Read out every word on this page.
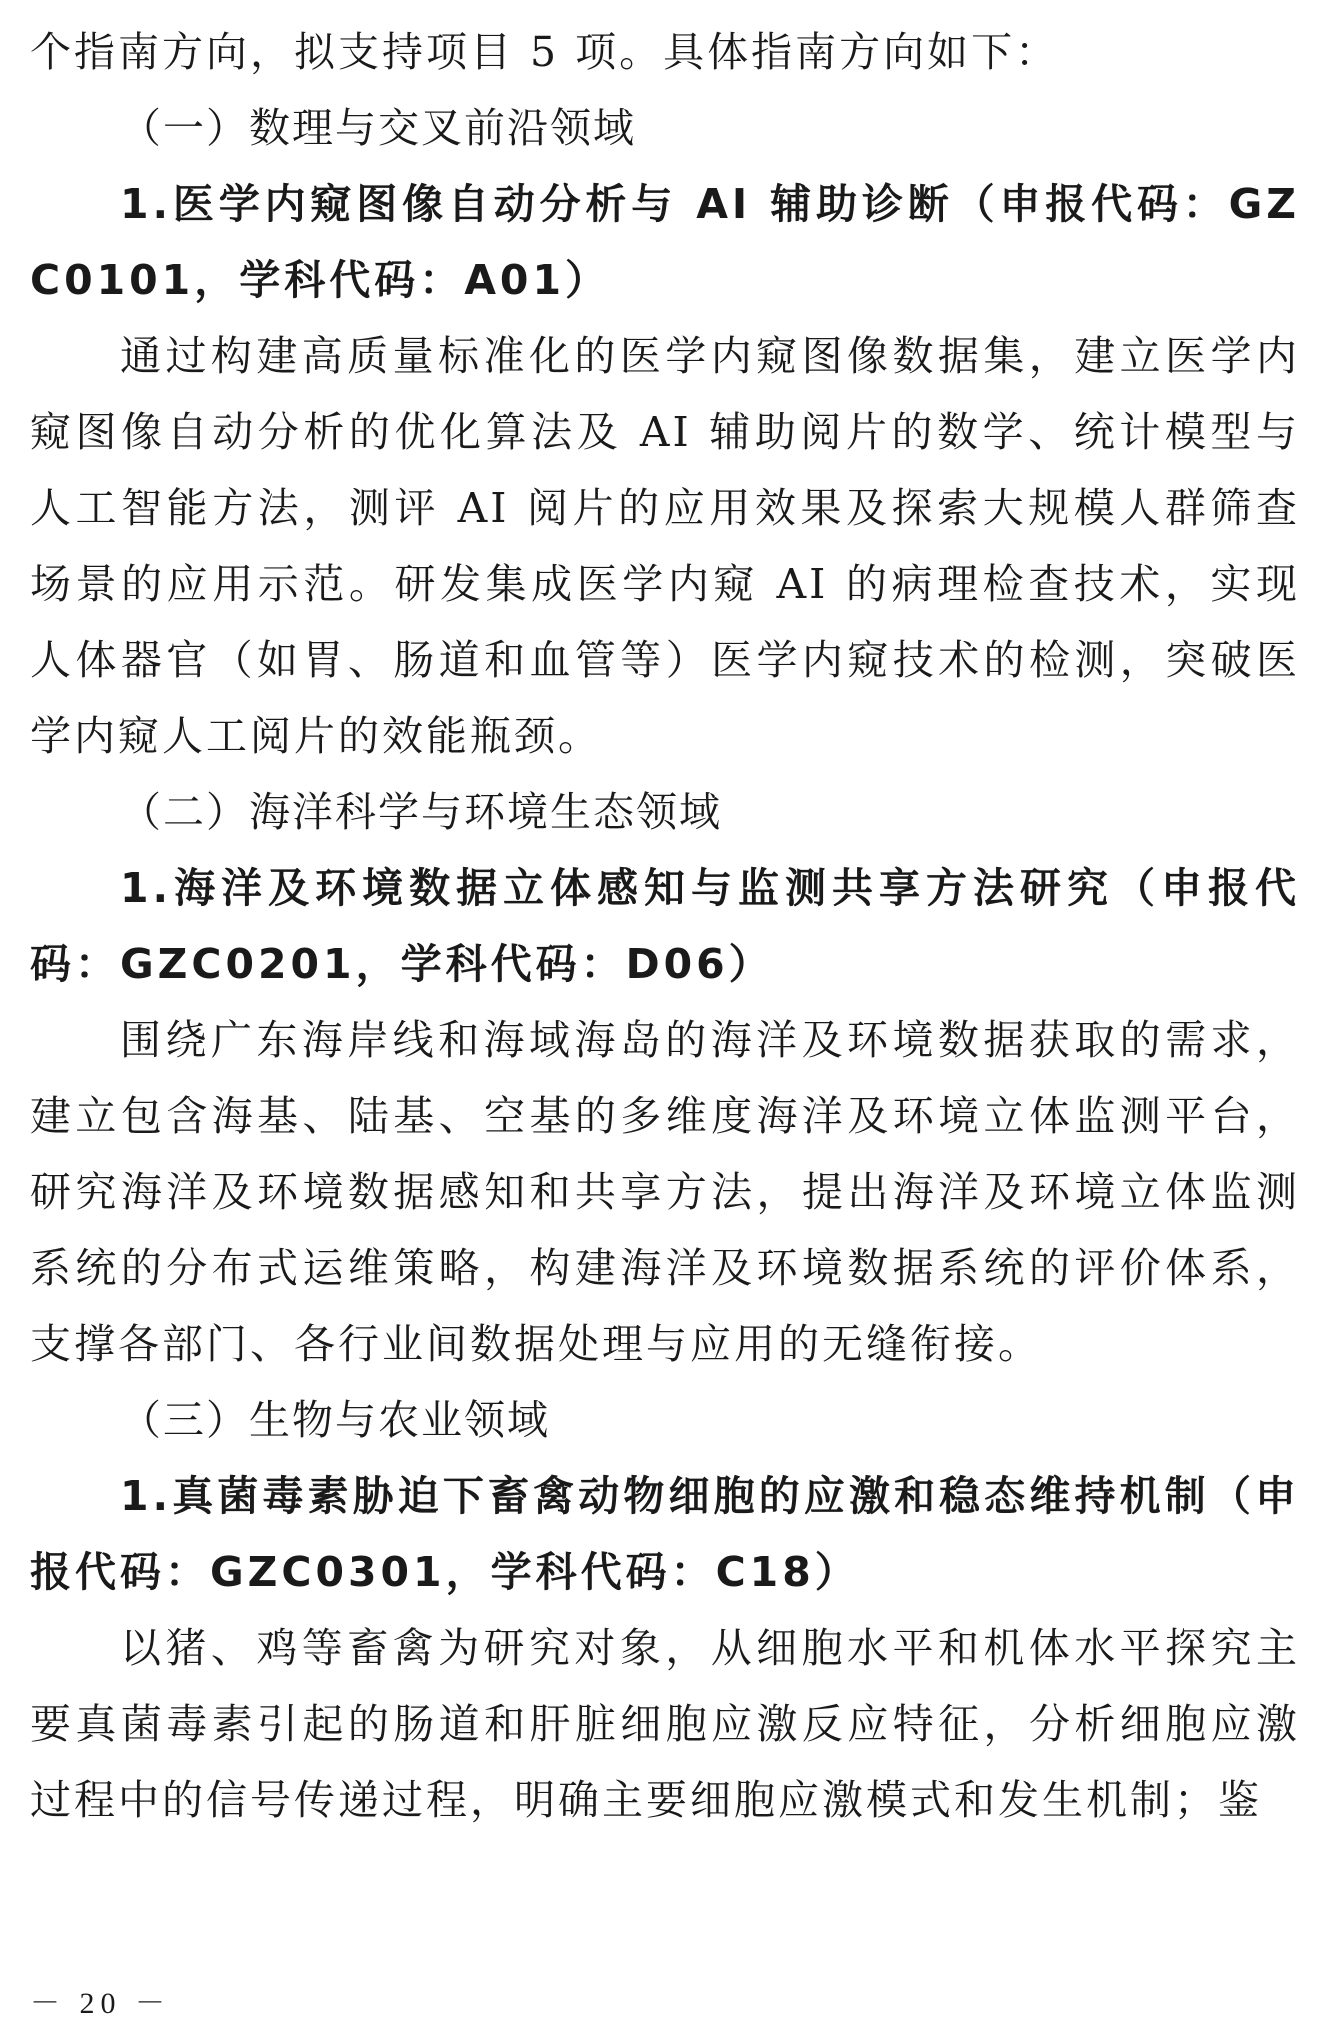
个指南方向，拟支持项目 5 项。具体指南方向如下：

（一）数理与交叉前沿领域

1.医学内窥图像自动分析与 AI 辅助诊断（申报代码：GZC0101，学科代码：A01）

通过构建高质量标准化的医学内窥图像数据集，建立医学内窥图像自动分析的优化算法及 AI 辅助阅片的数学、统计模型与人工智能方法，测评 AI 阅片的应用效果及探索大规模人群筛查场景的应用示范。研发集成医学内窥 AI 的病理检查技术，实现人体器官（如胃、肠道和血管等）医学内窥技术的检测，突破医学内窥人工阅片的效能瓶颈。

（二）海洋科学与环境生态领域

1.海洋及环境数据立体感知与监测共享方法研究（申报代码：GZC0201，学科代码：D06）

围绕广东海岸线和海域海岛的海洋及环境数据获取的需求，建立包含海基、陆基、空基的多维度海洋及环境立体监测平台，研究海洋及环境数据感知和共享方法，提出海洋及环境立体监测系统的分布式运维策略，构建海洋及环境数据系统的评价体系，支撑各部门、各行业间数据处理与应用的无缝衔接。

（三）生物与农业领域

1.真菌毒素胁迫下畜禽动物细胞的应激和稳态维持机制（申报代码：GZC0301，学科代码：C18）

以猪、鸡等畜禽为研究对象，从细胞水平和机体水平探究主要真菌毒素引起的肠道和肝脏细胞应激反应特征，分析细胞应激过程中的信号传递过程，明确主要细胞应激模式和发生机制；鉴

－ 20 －
